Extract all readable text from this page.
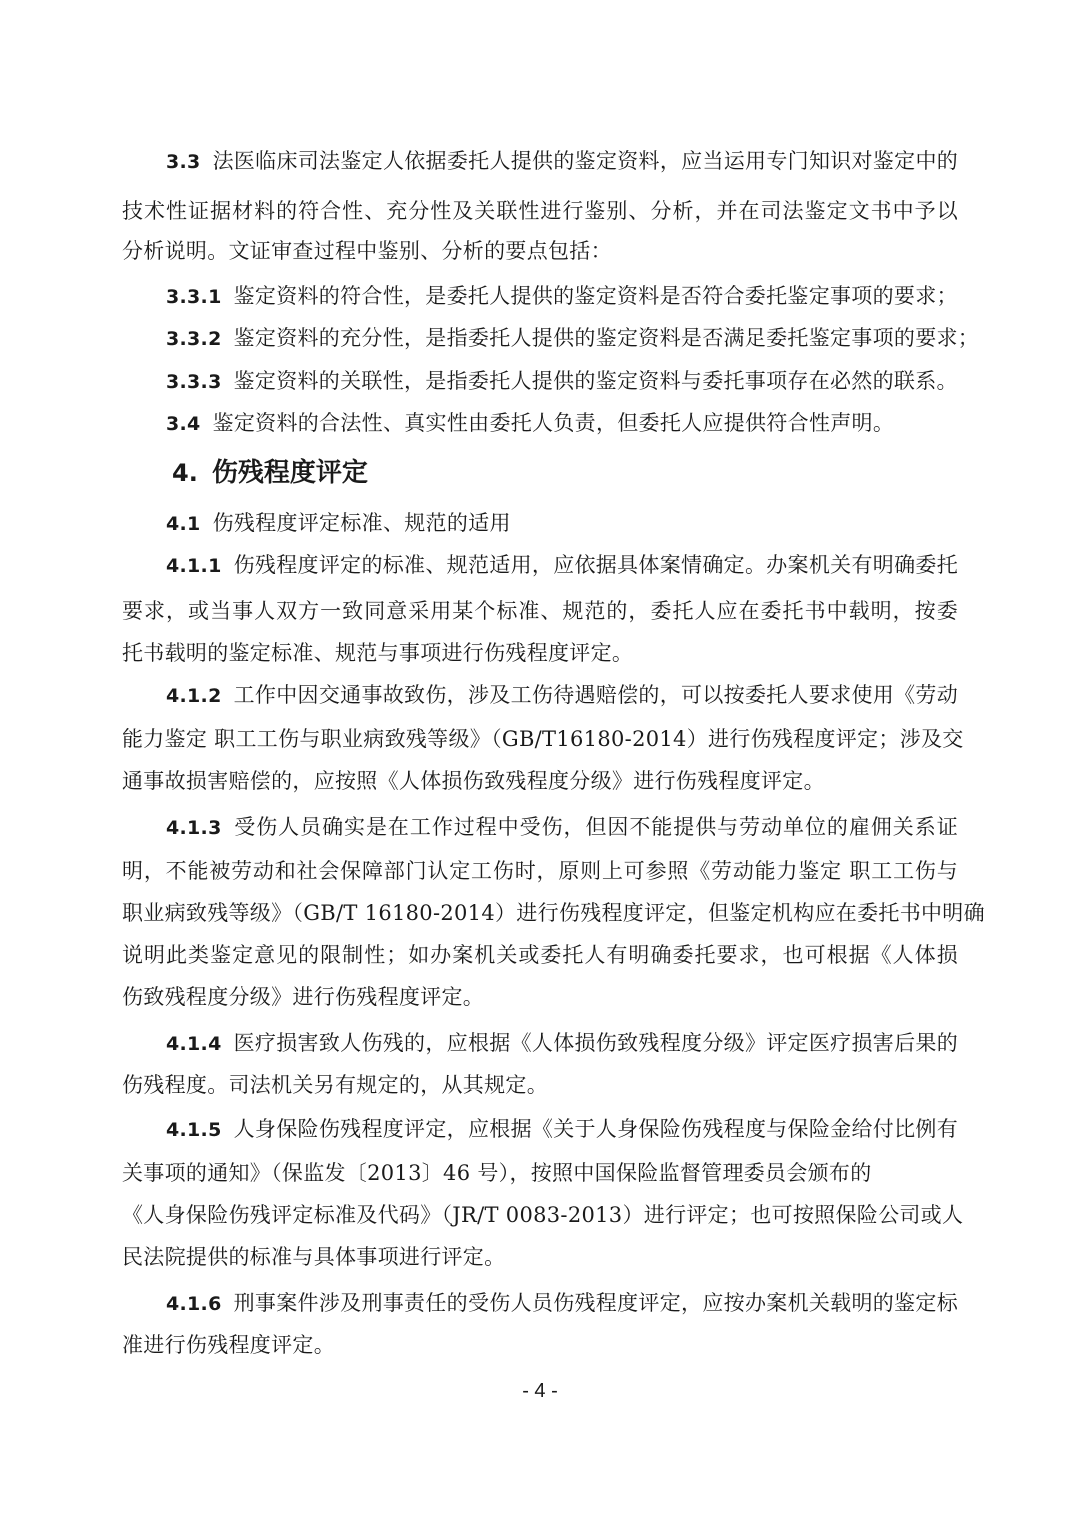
3.3 法医临床司法鉴定人依据委托人提供的鉴定资料，应当运用专门知识对鉴定中的
技术性证据材料的符合性、充分性及关联性进行鉴别、分析，并在司法鉴定文书中予以
分析说明。文证审查过程中鉴别、分析的要点包括：
3.3.1 鉴定资料的符合性，是委托人提供的鉴定资料是否符合委托鉴定事项的要求；
3.3.2 鉴定资料的充分性，是指委托人提供的鉴定资料是否满足委托鉴定事项的要求；
3.3.3 鉴定资料的关联性，是指委托人提供的鉴定资料与委托事项存在必然的联系。
3.4 鉴定资料的合法性、真实性由委托人负责，但委托人应提供符合性声明。
4. 伤残程度评定
4.1 伤残程度评定标准、规范的适用
4.1.1 伤残程度评定的标准、规范适用，应依据具体案情确定。办案机关有明确委托
要求，或当事人双方一致同意采用某个标准、规范的，委托人应在委托书中载明，按委
托书载明的鉴定标准、规范与事项进行伤残程度评定。
4.1.2 工作中因交通事故致伤，涉及工伤待遇赔偿的，可以按委托人要求使用《劳动
能力鉴定 职工工伤与职业病致残等级》（GB/T16180-2014）进行伤残程度评定；涉及交
通事故损害赔偿的，应按照《人体损伤致残程度分级》进行伤残程度评定。
4.1.3 受伤人员确实是在工作过程中受伤，但因不能提供与劳动单位的雇佣关系证
明，不能被劳动和社会保障部门认定工伤时，原则上可参照《劳动能力鉴定 职工工伤与
职业病致残等级》（GB/T 16180-2014）进行伤残程度评定，但鉴定机构应在委托书中明确
说明此类鉴定意见的限制性；如办案机关或委托人有明确委托要求，也可根据《人体损
伤致残程度分级》进行伤残程度评定。
4.1.4 医疗损害致人伤残的，应根据《人体损伤致残程度分级》评定医疗损害后果的
伤残程度。司法机关另有规定的，从其规定。
4.1.5 人身保险伤残程度评定，应根据《关于人身保险伤残程度与保险金给付比例有
关事项的通知》（保监发〔2013〕46 号），按照中国保险监督管理委员会颁布的
《人身保险伤残评定标准及代码》（JR/T 0083-2013）进行评定；也可按照保险公司或人
民法院提供的标准与具体事项进行评定。
4.1.6 刑事案件涉及刑事责任的受伤人员伤残程度评定，应按办案机关载明的鉴定标
准进行伤残程度评定。
- 4 -
